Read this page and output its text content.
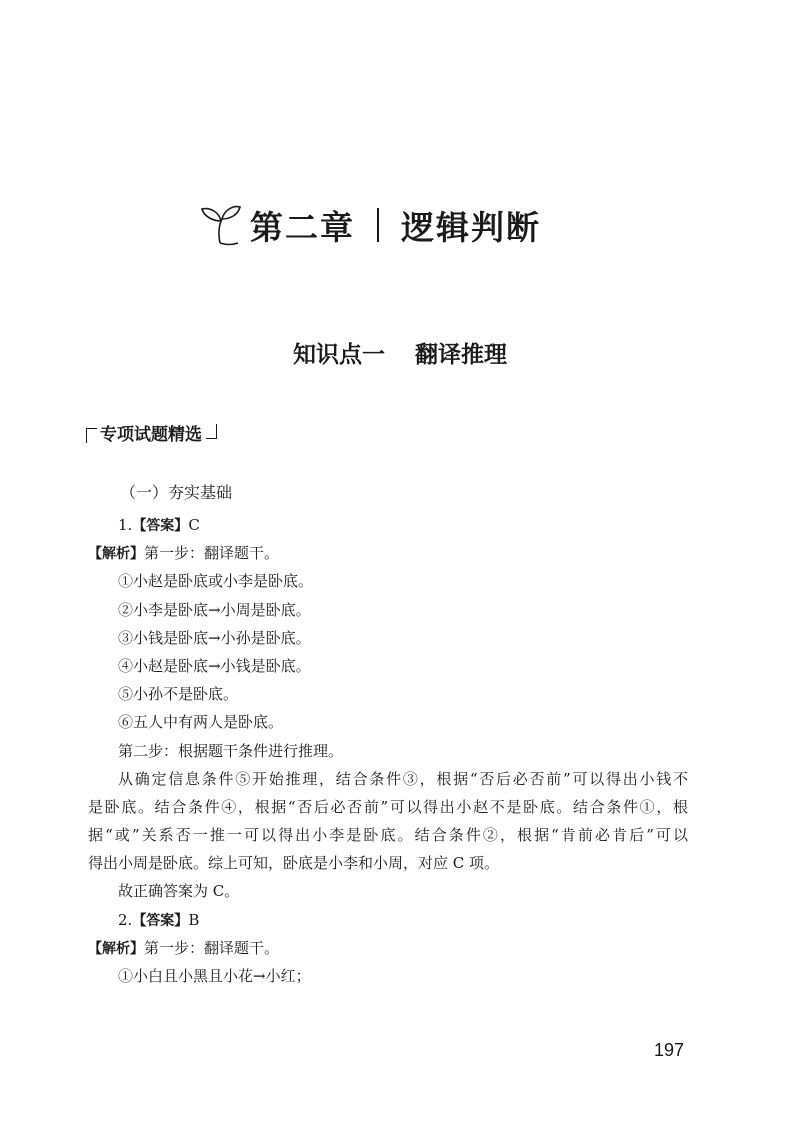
第二章 逻辑判断
知识点一 翻译推理
专项试题精选
（一）夯实基础
1.【答案】C
【解析】第一步：翻译题干。
①小赵是卧底或小李是卧底。
②小李是卧底→小周是卧底。
③小钱是卧底→小孙是卧底。
④小赵是卧底→小钱是卧底。
⑤小孙不是卧底。
⑥五人中有两人是卧底。
第二步：根据题干条件进行推理。
从确定信息条件⑤开始推理，结合条件③，根据“否后必否前”可以得出小钱不
是卧底。结合条件④，根据“否后必否前”可以得出小赵不是卧底。结合条件①，根
据“或”关系否一推一可以得出小李是卧底。结合条件②，根据“肯前必肯后”可以
得出小周是卧底。综上可知，卧底是小李和小周，对应 C 项。
故正确答案为 C。
2.【答案】B
【解析】第一步：翻译题干。
①小白且小黑且小花→小红；
197
